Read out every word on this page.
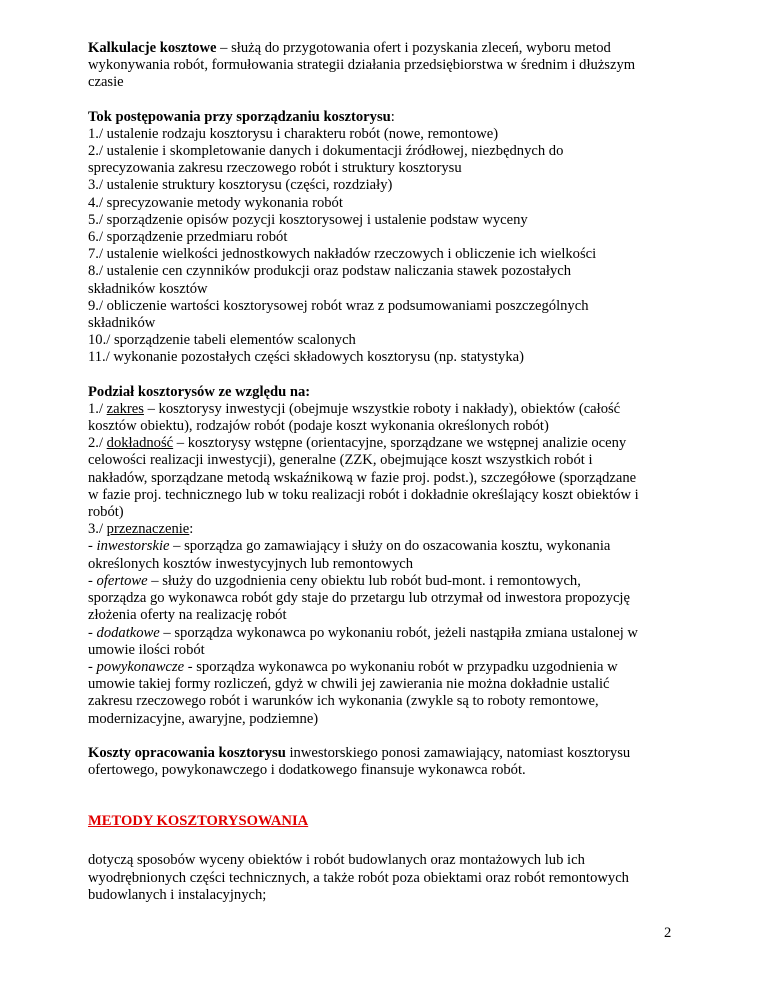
Kalkulacje kosztowe – służą do przygotowania ofert i pozyskania zleceń, wyboru metod

wykonywania robót, formułowania strategii działania przedsiębiorstwa w średnim i dłuższym

czasie

Tok postępowania przy sporządzaniu kosztorysu:

1./ ustalenie rodzaju kosztorysu i charakteru robót (nowe, remontowe)

2./ ustalenie i skompletowanie danych i dokumentacji źródłowej, niezbędnych do

sprecyzowania zakresu rzeczowego robót i struktury kosztorysu

3./ ustalenie struktury kosztorysu (części, rozdziały)

4./ sprecyzowanie metody wykonania robót

5./ sporządzenie opisów pozycji kosztorysowej i ustalenie podstaw wyceny

6./ sporządzenie przedmiaru robót

7./ ustalenie wielkości jednostkowych nakładów rzeczowych i obliczenie ich wielkości

8./ ustalenie cen czynników produkcji oraz podstaw naliczania stawek pozostałych

składników kosztów

9./ obliczenie wartości kosztorysowej robót wraz z podsumowaniami poszczególnych

składników

10./ sporządzenie tabeli elementów scalonych

11./ wykonanie pozostałych części składowych kosztorysu (np. statystyka)

Podział kosztorysów ze względu na:

1./ zakres – kosztorysy inwestycji (obejmuje wszystkie roboty i nakłady), obiektów (całość

kosztów obiektu), rodzajów robót (podaje koszt wykonania określonych robót)

2./ dokładność – kosztorysy wstępne (orientacyjne, sporządzane we wstępnej analizie oceny

celowości realizacji inwestycji), generalne (ZZK, obejmujące koszt wszystkich robót i

nakładów, sporządzane metodą wskaźnikową w fazie proj. podst.), szczegółowe (sporządzane

w fazie proj. technicznego lub w toku realizacji robót i dokładnie określający koszt obiektów i

robót)

3./ przeznaczenie:

- inwestorskie – sporządza go zamawiający i służy on do oszacowania kosztu, wykonania

określonych kosztów inwestycyjnych lub remontowych

- ofertowe – służy do uzgodnienia ceny obiektu lub robót bud-mont. i remontowych,

sporządza go wykonawca robót gdy staje do przetargu lub otrzymał od inwestora propozycję

złożenia oferty na realizację robót

- dodatkowe – sporządza wykonawca po wykonaniu robót, jeżeli nastąpiła zmiana ustalonej w

umowie ilości robót

- powykonawcze - sporządza wykonawca po wykonaniu robót w przypadku uzgodnienia w

umowie takiej formy rozliczeń, gdyż w chwili jej zawierania nie można dokładnie ustalić

zakresu rzeczowego robót i warunków ich wykonania (zwykle są to roboty remontowe,

modernizacyjne, awaryjne, podziemne)

Koszty opracowania kosztorysu inwestorskiego ponosi zamawiający, natomiast kosztorysu

ofertowego, powykonawczego i dodatkowego finansuje wykonawca robót.

METODY KOSZTORYSOWANIA

dotyczą sposobów wyceny obiektów i robót budowlanych oraz montażowych lub ich

wyodrębnionych części technicznych, a także robót poza obiektami oraz robót remontowych

budowlanych i instalacyjnych;

2
